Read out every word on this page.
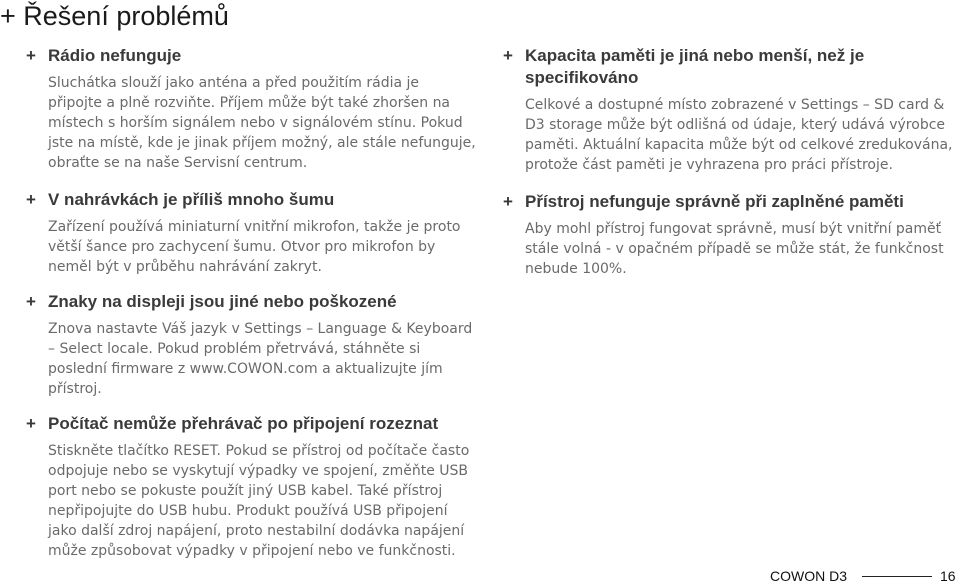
+ Řešení problémů
+ Rádio nefunguje

Sluchátka slouží jako anténa a před použitím rádia je připojte a plně rozviňte. Příjem může být také zhoršen na místech s horším signálem nebo v signálovém stínu. Pokud jste na místě, kde je jinak příjem možný, ale stále nefunguje, obraťte se na naše Servisní centrum.

+ V nahrávkách je příliš mnoho šumu

Zařízení používá miniaturní vnitřní mikrofon, takže je proto větší šance pro zachycení šumu. Otvor pro mikrofon by neměl být v průběhu nahrávání zakryt.

+ Znaky na displeji jsou jiné nebo poškozené

Znova nastavte Váš jazyk v Settings – Language & Keyboard – Select locale. Pokud problém přetrvává, stáhněte si poslední firmware z www.COWON.com a aktualizujte jím přístroj.

+ Počítač nemůže přehrávač po připojení rozeznat

Stiskněte tlačítko RESET. Pokud se přístroj od počítače často odpojuje nebo se vyskytují výpadky ve spojení, změňte USB port nebo se pokuste použít jiný USB kabel. Také přístroj nepřipojujte do USB hubu. Produkt používá USB připojení jako další zdroj napájení, proto nestabilní dodávka napájení může způsobovat výpadky v připojení nebo ve funkčnosti.

+ Kapacita paměti je jiná nebo menší, než je specifikováno

Celkové a dostupné místo zobrazené v Settings – SD card & D3 storage může být odlišná od údaje, který udává výrobce paměti. Aktuální kapacita může být od celkové zredukována, protože část paměti je vyhrazena pro práci přístroje.

+ Přístroj nefunguje správně při zaplněné paměti

Aby mohl přístroj fungovat správně, musí být vnitřní paměť stále volná - v opačném případě se může stát, že funkčnost nebude 100%.

COWON D3	16
